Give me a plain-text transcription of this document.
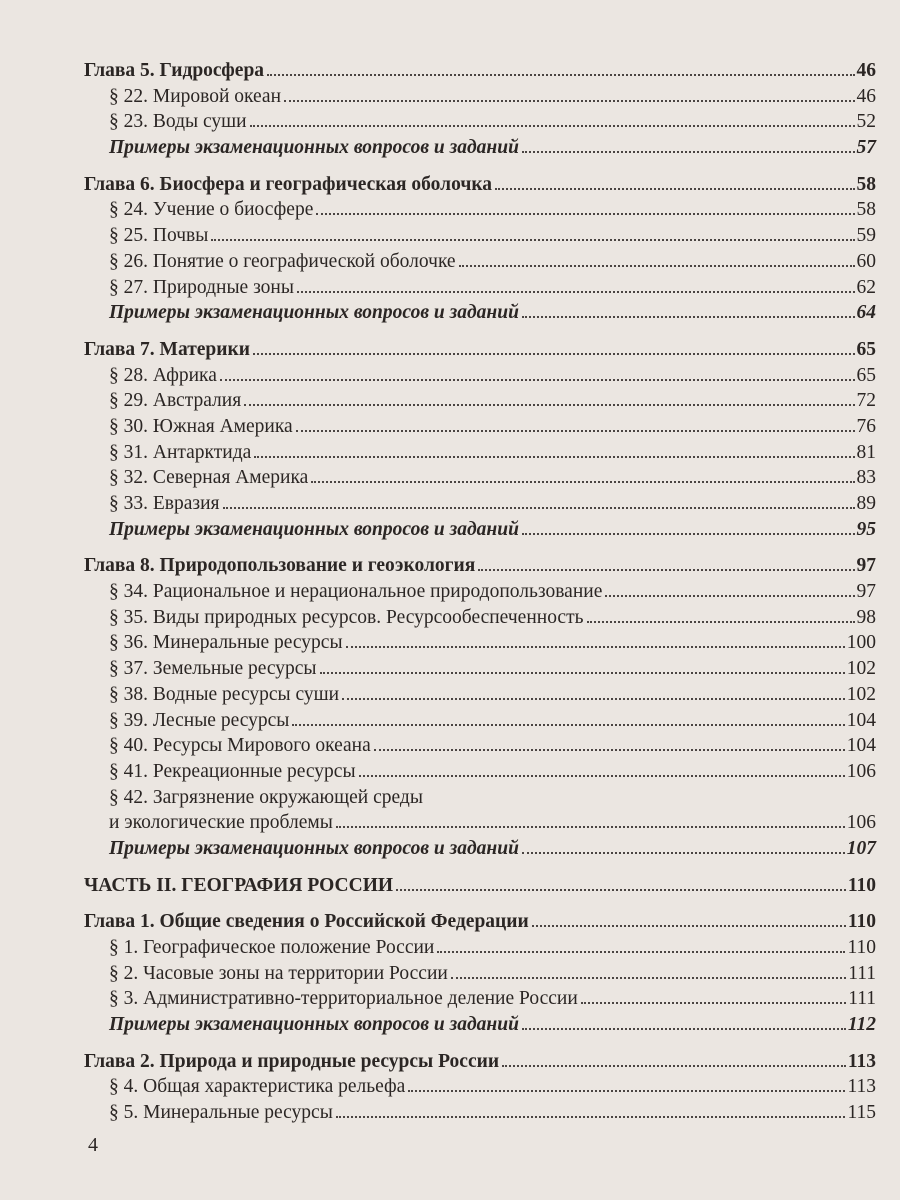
Глава 5. Гидросфера	46
§ 22. Мировой океан	46
§ 23. Воды суши	52
Примеры экзаменационных вопросов и заданий	57
Глава 6. Биосфера и географическая оболочка	58
§ 24. Учение о биосфере	58
§ 25. Почвы	59
§ 26. Понятие о географической оболочке	60
§ 27. Природные зоны	62
Примеры экзаменационных вопросов и заданий	64
Глава 7. Материки	65
§ 28. Африка	65
§ 29. Австралия	72
§ 30. Южная Америка	76
§ 31. Антарктида	81
§ 32. Северная Америка	83
§ 33. Евразия	89
Примеры экзаменационных вопросов и заданий	95
Глава 8. Природопользование и геоэкология	97
§ 34. Рациональное и нерациональное природопользование	97
§ 35. Виды природных ресурсов. Ресурсообеспеченность	98
§ 36. Минеральные ресурсы	100
§ 37. Земельные ресурсы	102
§ 38. Водные ресурсы суши	102
§ 39. Лесные ресурсы	104
§ 40. Ресурсы Мирового океана	104
§ 41. Рекреационные ресурсы	106
§ 42. Загрязнение окружающей среды
и экологические проблемы	106
Примеры экзаменационных вопросов и заданий	107
ЧАСТЬ II. ГЕОГРАФИЯ РОССИИ	110
Глава 1. Общие сведения о Российской Федерации	110
§ 1. Географическое положение России	110
§ 2. Часовые зоны на территории России	111
§ 3. Административно-территориальное деление России	111
Примеры экзаменационных вопросов и заданий	112
Глава 2. Природа и природные ресурсы России	113
§ 4. Общая характеристика рельефа	113
§ 5. Минеральные ресурсы	115
4
